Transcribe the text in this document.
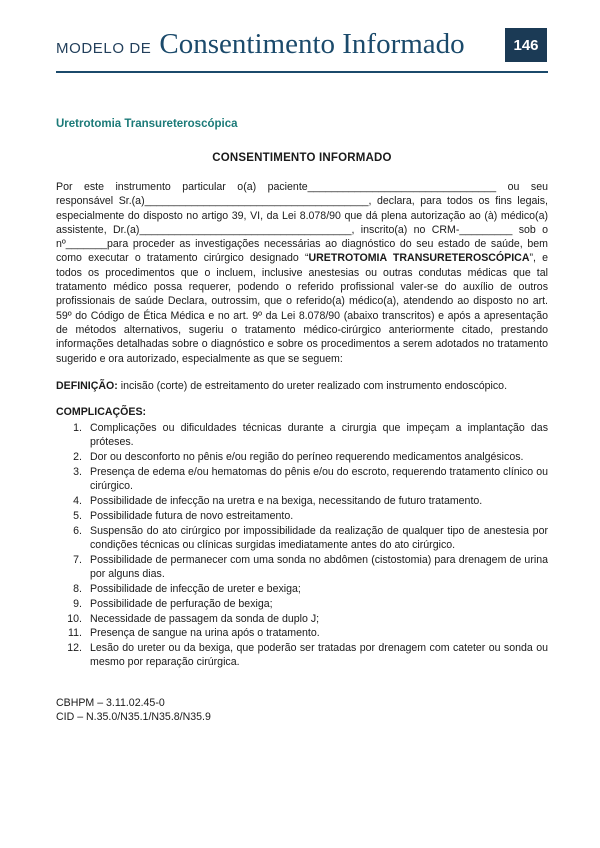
MODELO DE Consentimento Informado	146
Uretrotomia Transureteroscópica
CONSENTIMENTO INFORMADO

Por este instrumento particular o(a) paciente________________________________ ou seu responsável Sr.(a)______________________________________, declara, para todos os fins legais, especialmente do disposto no artigo 39, VI, da Lei 8.078/90 que dá plena autorização ao (à) médico(a) assistente, Dr.(a)____________________________________, inscrito(a) no CRM-_________ sob o nº_______para proceder as investigações necessárias ao diagnóstico do seu estado de saúde, bem como executar o tratamento cirúrgico designado “URETROTOMIA TRANSURETEROSCÓPICA”, e todos os procedimentos que o incluem, inclusive anestesias ou outras condutas médicas que tal tratamento médico possa requerer, podendo o referido profissional valer-se do auxílio de outros profissionais de saúde Declara, outrossim, que o referido(a) médico(a), atendendo ao disposto no art. 59º do Código de Ética Médica e no art. 9º da Lei 8.078/90 (abaixo transcritos) e após a apresentação de métodos alternativos, sugeriu o tratamento médico-cirúrgico anteriormente citado, prestando informações detalhadas sobre o diagnóstico e sobre os procedimentos a serem adotados no tratamento sugerido e ora autorizado, especialmente as que se seguem:

DEFINIÇÃO: incisão (corte) de estreitamento do ureter realizado com instrumento endoscópico.

COMPLICAÇÕES:
Complicações ou dificuldades técnicas durante a cirurgia que impeçam a implantação das próteses.
Dor ou desconforto no pênis e/ou região do períneo requerendo medicamentos analgésicos.
Presença de edema e/ou hematomas do pênis e/ou do escroto, requerendo tratamento clínico ou cirúrgico.
Possibilidade de infecção na uretra e na bexiga, necessitando de futuro tratamento.
Possibilidade futura de novo estreitamento.
Suspensão do ato cirúrgico por impossibilidade da realização de qualquer tipo de anestesia por condições técnicas ou clínicas surgidas imediatamente antes do ato cirúrgico.
Possibilidade de permanecer com uma sonda no abdômen (cistostomia) para drenagem de urina por alguns dias.
Possibilidade de infecção de ureter e bexiga;
Possibilidade de perfuração de bexiga;
Necessidade de passagem da sonda de duplo J;
Presença de sangue na urina após o tratamento.
Lesão do ureter ou da bexiga, que poderão ser tratadas por drenagem com cateter ou sonda ou mesmo por reparação cirúrgica.
CBHPM – 3.11.02.45-0
CID – N.35.0/N35.1/N35.8/N35.9
